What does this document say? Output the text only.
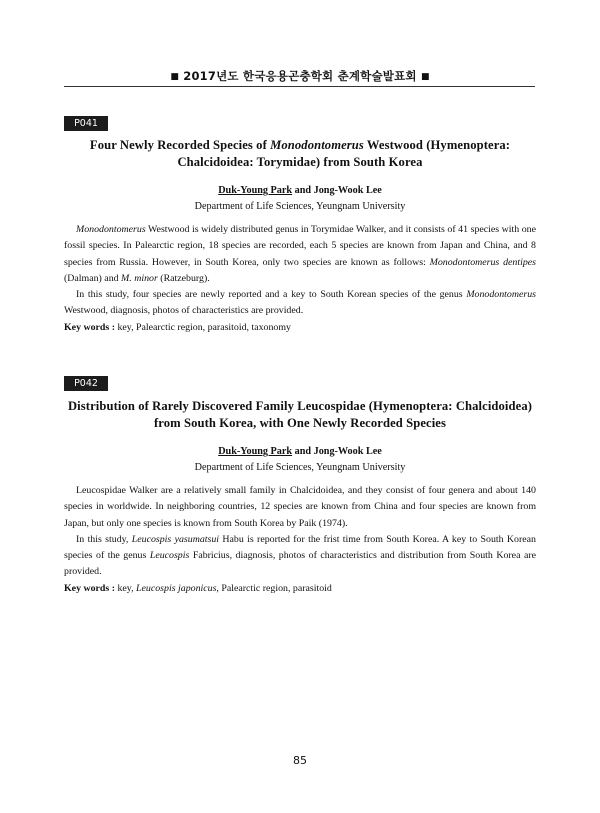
■ 2017년도 한국응용곤충학회 춘계학술발표회 ■
P041
Four Newly Recorded Species of Monodontomerus Westwood (Hymenoptera: Chalcidoidea: Torymidae) from South Korea
Duk-Young Park and Jong-Wook Lee
Department of Life Sciences, Yeungnam University

Monodontomerus Westwood is widely distributed genus in Torymidae Walker, and it consists of 41 species with one fossil species. In Palearctic region, 18 species are recorded, each 5 species are known from Japan and China, and 8 species from Russia. However, in South Korea, only two species are known as follows: Monodontomerus dentipes (Dalman) and M. minor (Ratzeburg).

In this study, four species are newly reported and a key to South Korean species of the genus Monodontomerus Westwood, diagnosis, photos of characteristics are provided.

Key words : key, Palearctic region, parasitoid, taxonomy
P042
Distribution of Rarely Discovered Family Leucospidae (Hymenoptera: Chalcidoidea) from South Korea, with One Newly Recorded Species
Duk-Young Park and Jong-Wook Lee
Department of Life Sciences, Yeungnam University

Leucospidae Walker are a relatively small family in Chalcidoidea, and they consist of four genera and about 140 species in worldwide. In neighboring countries, 12 species are known from China and four species are known from Japan, but only one species is known from South Korea by Paik (1974).

In this study, Leucospis yasumatsui Habu is reported for the frist time from South Korea. A key to South Korean species of the genus Leucospis Fabricius, diagnosis, photos of characteristics and distribution from South Korea are provided.

Key words : key, Leucospis japonicus, Palearctic region, parasitoid
85
